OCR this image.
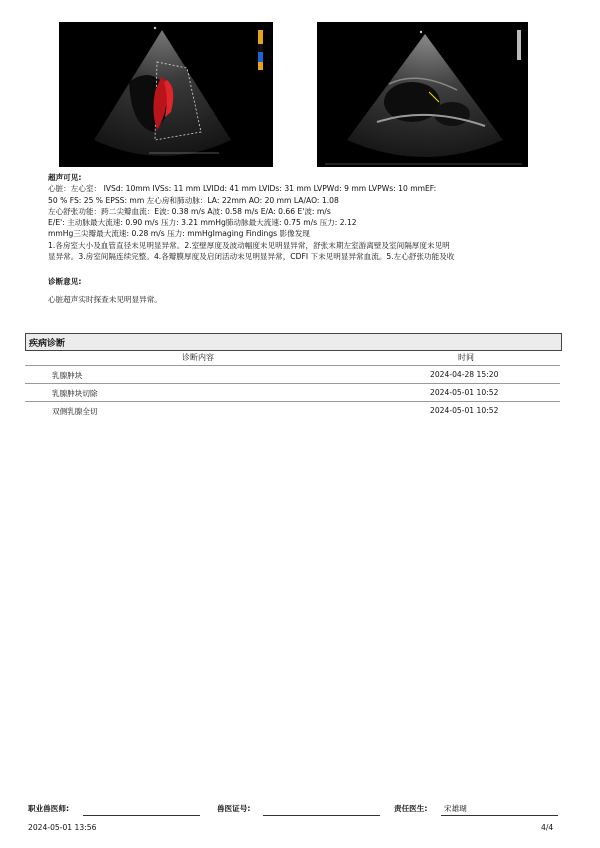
超声可见:
心脏：左心室： IVSd: 10mm IVSs: 11 mm LVIDd: 41 mm LVIDs: 31 mm LVPWd: 9 mm LVPWs: 10 mmEF:
50 % FS: 25 % EPSS: mm 左心房和肺动脉：LA: 22mm AO: 20 mm LA/AO: 1.08
左心舒张功能：跨二尖瓣血流：E波: 0.38 m/s A波: 0.58 m/s E/A: 0.66 E'波: m/s
E/E': 主动脉最大流速: 0.90 m/s 压力: 3.21 mmHg肺动脉最大流速: 0.75 m/s 压力: 2.12
mmHg三尖瓣最大流速: 0.28 m/s 压力: mmHgImaging Findings 影像发现
1.各房室大小及血管直径未见明显异常。2.室壁厚度及波动幅度未见明显异常，舒张末期左室游离壁及室间隔厚度未见明
显异常。3.房室间隔连续完整。4.各瓣膜厚度及启闭活动未见明显异常，CDFI 下未见明显异常血流。5.左心舒张功能及收
诊断意见:
心脏超声实时探查未见明显异常。
疾病诊断
诊断内容	时间
乳腺肿块	2024-04-28 15:20
乳腺肿块切除	2024-05-01 10:52
双侧乳腺全切	2024-05-01 10:52
职业兽医师:	兽医证号:	责任医生: 宋雄瑚
2024-05-01 13:56	4/4
